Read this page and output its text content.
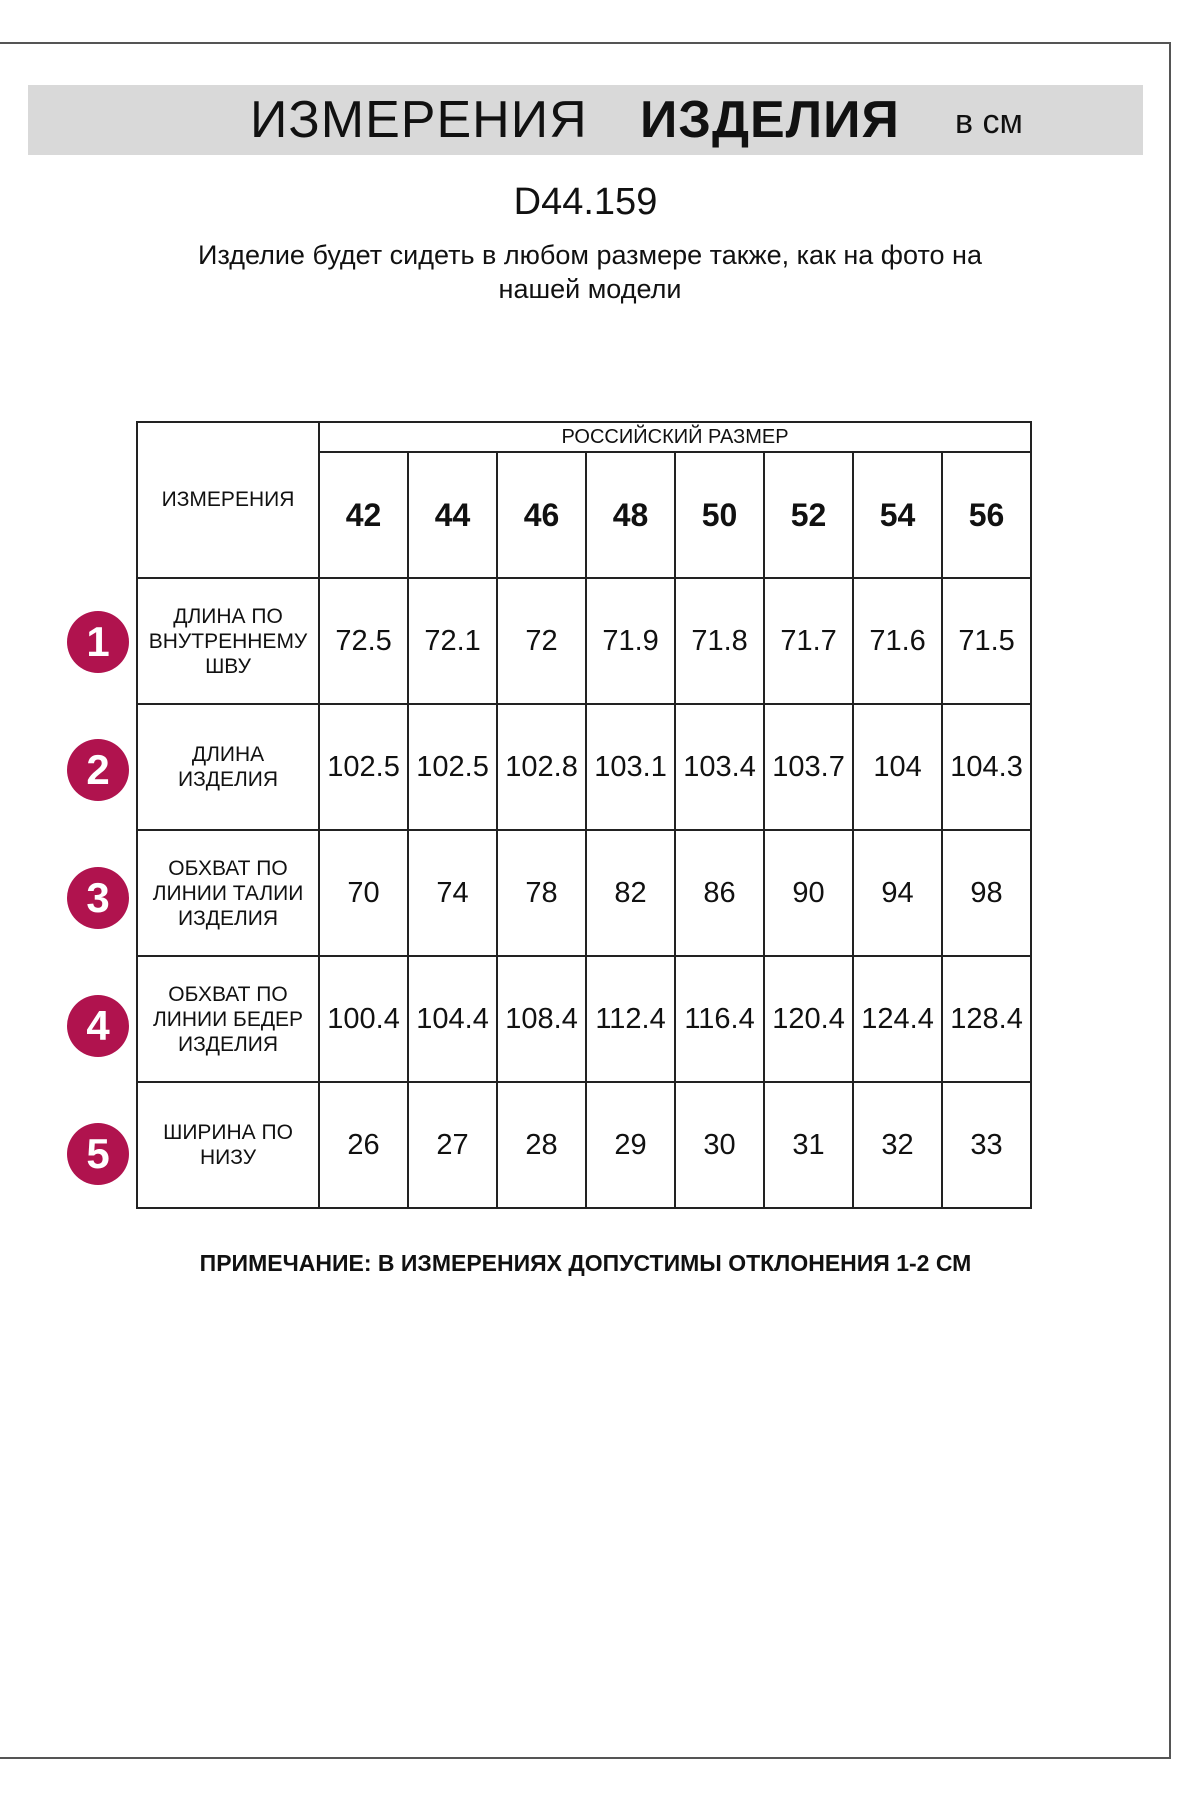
ИЗМЕРЕНИЯ ИЗДЕЛИЯ в см
D44.159
Изделие будет сидеть в любом размере также, как на фото на нашей модели
ИЗМЕРЕНИЯ	РОССИЙСКИЙ РАЗМЕР							
	42	44	46	48	50	52	54	56
ДЛИНА ПО ВНУТРЕННЕМУ ШВУ	72.5	72.1	72	71.9	71.8	71.7	71.6	71.5
ДЛИНА ИЗДЕЛИЯ	102.5	102.5	102.8	103.1	103.4	103.7	104	104.3
ОБХВАТ ПО ЛИНИИ ТАЛИИ ИЗДЕЛИЯ	70	74	78	82	86	90	94	98
ОБХВАТ ПО ЛИНИИ БЕДЕР ИЗДЕЛИЯ	100.4	104.4	108.4	112.4	116.4	120.4	124.4	128.4
ШИРИНА ПО НИЗУ	26	27	28	29	30	31	32	33
1
2
3
4
5
ПРИМЕЧАНИЕ: В ИЗМЕРЕНИЯХ ДОПУСТИМЫ ОТКЛОНЕНИЯ 1-2 СМ
